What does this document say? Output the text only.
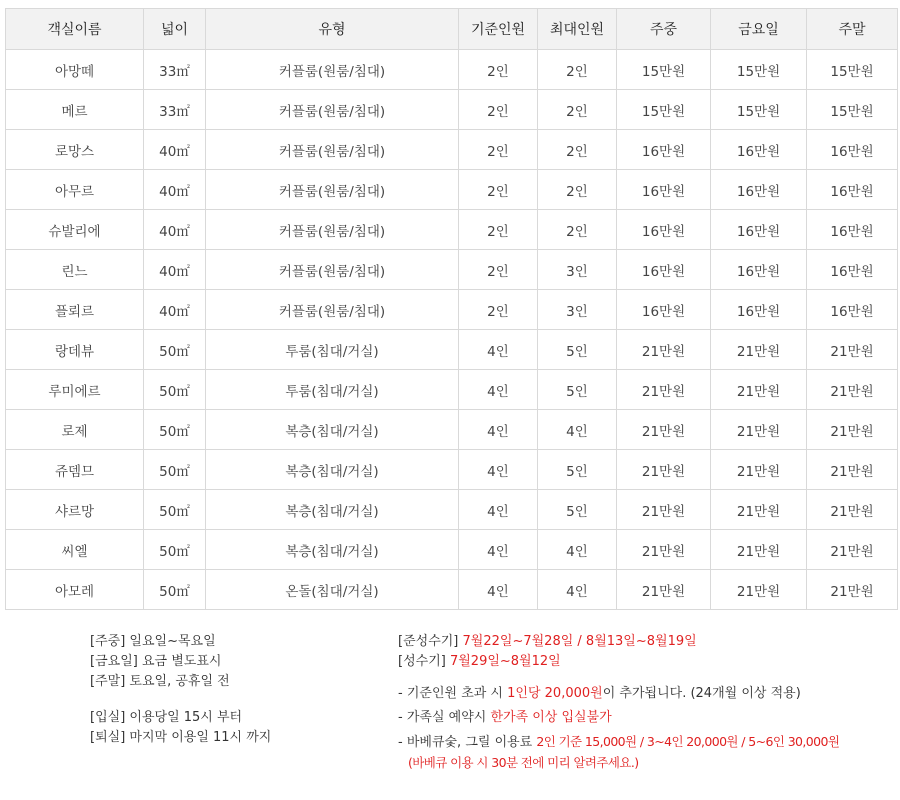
객실이름	넓이	유형	기준인원	최대인원	주중	금요일	주말
아망떼	33㎡	커플룸(원룸/침대)	2인	2인	15만원	15만원	15만원
메르	33㎡	커플룸(원룸/침대)	2인	2인	15만원	15만원	15만원
로망스	40㎡	커플룸(원룸/침대)	2인	2인	16만원	16만원	16만원
아무르	40㎡	커플룸(원룸/침대)	2인	2인	16만원	16만원	16만원
슈발리에	40㎡	커플룸(원룸/침대)	2인	2인	16만원	16만원	16만원
린느	40㎡	커플룸(원룸/침대)	2인	3인	16만원	16만원	16만원
플뢰르	40㎡	커플룸(원룸/침대)	2인	3인	16만원	16만원	16만원
랑데뷰	50㎡	투룸(침대/거실)	4인	5인	21만원	21만원	21만원
루미에르	50㎡	투룸(침대/거실)	4인	5인	21만원	21만원	21만원
로제	50㎡	복층(침대/거실)	4인	4인	21만원	21만원	21만원
쥬뎀므	50㎡	복층(침대/거실)	4인	5인	21만원	21만원	21만원
샤르망	50㎡	복층(침대/거실)	4인	5인	21만원	21만원	21만원
씨엘	50㎡	복층(침대/거실)	4인	4인	21만원	21만원	21만원
아모레	50㎡	온돌(침대/거실)	4인	4인	21만원	21만원	21만원
[주중] 일요일~목요일
[금요일] 요금 별도표시
[주말] 토요일, 공휴일 전
[입실] 이용당일 15시 부터
[퇴실] 마지막 이용일 11시 까지
[준성수기] 7월22일~7월28일 / 8월13일~8월19일
[성수기] 7월29일~8월12일
- 기준인원 초과 시 1인당 20,000원이 추가됩니다. (24개월 이상 적용)
- 가족실 예약시 한가족 이상 입실불가
- 바베큐숯, 그릴 이용료 2인 기준 15,000원 / 3~4인 20,000원 / 5~6인 30,000원
(바베큐 이용 시 30분 전에 미리 알려주세요.)
